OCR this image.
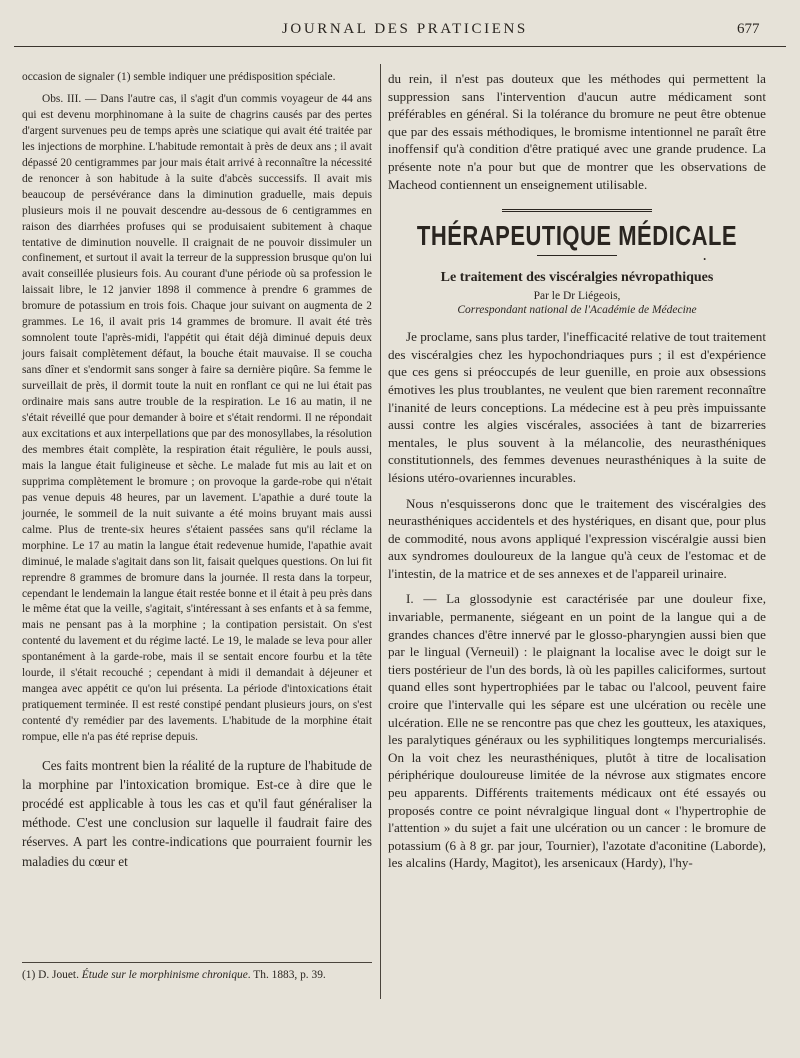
JOURNAL DES PRATICIENS	677

occasion de signaler (1) semble indiquer une prédisposition spéciale.

Obs. III. — Dans l'autre cas, il s'agit d'un commis voyageur de 44 ans qui est devenu morphinomane à la suite de chagrins causés par des pertes d'argent survenues peu de temps après une sciatique qui avait été traitée par les injections de morphine. L'habitude remontait à près de deux ans ; il avait dépassé 20 centigrammes par jour mais était arrivé à reconnaître la nécessité de renoncer à son habitude à la suite d'abcès successifs. Il avait mis beaucoup de persévérance dans la diminution graduelle, mais depuis plusieurs mois il ne pouvait descendre au-dessous de 6 centigrammes en raison des diarrhées profuses qui se produisaient subitement à chaque tentative de diminution nouvelle. Il craignait de ne pouvoir dissimuler un confinement, et surtout il avait la terreur de la suppression brusque qu'on lui avait conseillée plusieurs fois. Au courant d'une période où sa profession le laissait libre, le 12 janvier 1898 il commence à prendre 6 grammes de bromure de potassium en trois fois. Chaque jour suivant on augmenta de 2 grammes. Le 16, il avait pris 14 grammes de bromure. Il avait été très somnolent toute l'après-midi, l'appétit qui était déjà diminué depuis deux jours faisait complètement défaut, la bouche était mauvaise. Il se coucha sans dîner et s'endormit sans songer à faire sa dernière piqûre. Sa femme le surveillait de près, il dormit toute la nuit en ronflant ce qui ne lui était pas ordinaire mais sans autre trouble de la respiration. Le 16 au matin, il ne s'était réveillé que pour demander à boire et s'était rendormi. Il ne répondait aux excitations et aux interpellations que par des monosyllabes, la résolution des membres était complète, la respiration était régulière, le pouls aussi, mais la langue était fuligineuse et sèche. Le malade fut mis au lait et on supprima complètement le bromure ; on provoque la garde-robe qui n'était pas venue depuis 48 heures, par un lavement. L'apathie a duré toute la journée, le sommeil de la nuit suivante a été moins bruyant mais aussi calme. Plus de trente-six heures s'étaient passées sans qu'il réclame la morphine. Le 17 au matin la langue était redevenue humide, l'apathie avait diminué, le malade s'agitait dans son lit, faisait quelques questions. On lui fit reprendre 8 grammes de bromure dans la journée. Il resta dans la torpeur, cependant le lendemain la langue était restée bonne et il était à peu près dans le même état que la veille, s'agitait, s'intéressant à ses enfants et à sa femme, mais ne pensant pas à la morphine ; la contipation persistait. On s'est contenté du lavement et du régime lacté. Le 19, le malade se leva pour aller spontanément à la garde-robe, mais il se sentait encore fourbu et la tête lourde, il s'était recouché ; cependant à midi il demandait à déjeuner et mangea avec appétit ce qu'on lui présenta. La période d'intoxications était pratiquement terminée. Il est resté constipé pendant plusieurs jours, on s'est contenté d'y remédier par des lavements. L'habitude de la morphine était rompue, elle n'a pas été reprise depuis.

Ces faits montrent bien la réalité de la rupture de l'habitude de la morphine par l'intoxication bromique. Est-ce à dire que le procédé est applicable à tous les cas et qu'il faut généraliser la méthode. C'est une conclusion sur laquelle il faudrait faire des réserves. A part les contre-indications que pourraient fournir les maladies du cœur et

(1) D. Jouet. Étude sur le morphinisme chronique. Th. 1883, p. 39.

du rein, il n'est pas douteux que les méthodes qui permettent la suppression sans l'intervention d'aucun autre médicament sont préférables en général. Si la tolérance du bromure ne peut être obtenue que par des essais méthodiques, le bromisme intentionnel ne paraît être inoffensif qu'à condition d'être pratiqué avec une grande prudence. La présente note n'a pour but que de montrer que les observations de Macheod contiennent un enseignement utilisable.

THÉRAPEUTIQUE MÉDICALE
•
Le traitement des viscéralgies névropathiques
Par le Dr Liégeois,
Correspondant national de l'Académie de Médecine

Je proclame, sans plus tarder, l'inefficacité relative de tout traitement des viscéralgies chez les hypochondriaques purs ; il est d'expérience que ces gens si préoccupés de leur guenille, en proie aux obsessions émotives les plus troublantes, ne veulent que bien rarement reconnaître l'inanité de leurs conceptions. La médecine est à peu près impuissante aussi contre les algies viscérales, associées à tant de bizarreries mentales, le plus souvent à la mélancolie, des neurasthéniques constitutionnels, des femmes devenues neurasthéniques à la suite de lésions utéro-ovariennes incurables.

Nous n'esquisserons donc que le traitement des viscéralgies des neurasthéniques accidentels et des hystériques, en disant que, pour plus de commodité, nous avons appliqué l'expression viscéralgie aussi bien aux syndromes douloureux de la langue qu'à ceux de l'estomac et de l'intestin, de la matrice et de ses annexes et de l'appareil urinaire.

I. — La glossodynie est caractérisée par une douleur fixe, invariable, permanente, siégeant en un point de la langue qui a de grandes chances d'être innervé par le glosso-pharyngien aussi bien que par le lingual (Verneuil) : le plaignant la localise avec le doigt sur le tiers postérieur de l'un des bords, là où les papilles caliciformes, surtout quand elles sont hypertrophiées par le tabac ou l'alcool, peuvent faire croire que l'intervalle qui les sépare est une ulcération ou recèle une ulcération. Elle ne se rencontre pas que chez les goutteux, les ataxiques, les paralytiques généraux ou les syphilitiques longtemps mercurialisés. On la voit chez les neurasthéniques, plutôt à titre de localisation périphérique douloureuse limitée de la névrose aux stigmates encore peu apparents. Différents traitements médicaux ont été essayés ou proposés contre ce point névralgique lingual dont « l'hypertrophie de l'attention » du sujet a fait une ulcération ou un cancer : le bromure de potassium (6 à 8 gr. par jour, Tournier), l'azotate d'aconitine (Laborde), les alcalins (Hardy, Magitot), les arsenicaux (Hardy), l'hy-
